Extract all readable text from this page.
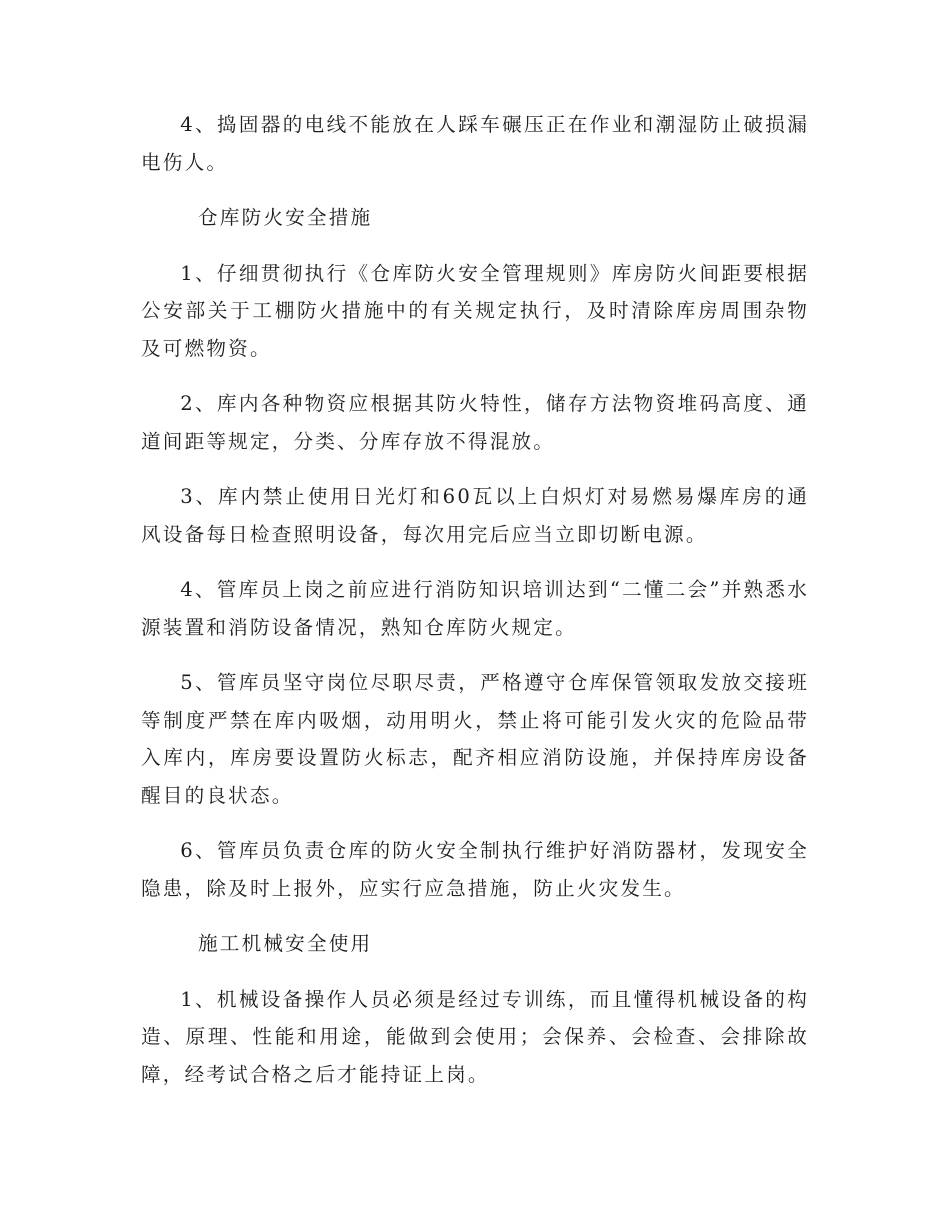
4、捣固器的电线不能放在人踩车碾压正在作业和潮湿防止破损漏电伤人。

仓库防火安全措施

1、仔细贯彻执行《仓库防火安全管理规则》库房防火间距要根据公安部关于工棚防火措施中的有关规定执行，及时清除库房周围杂物及可燃物资。

2、库内各种物资应根据其防火特性，储存方法物资堆码高度、通道间距等规定，分类、分库存放不得混放。

3、库内禁止使用日光灯和60瓦以上白炽灯对易燃易爆库房的通风设备每日检查照明设备，每次用完后应当立即切断电源。

4、管库员上岗之前应进行消防知识培训达到“二懂二会”并熟悉水源装置和消防设备情况，熟知仓库防火规定。

5、管库员坚守岗位尽职尽责，严格遵守仓库保管领取发放交接班等制度严禁在库内吸烟，动用明火，禁止将可能引发火灾的危险品带入库内，库房要设置防火标志，配齐相应消防设施，并保持库房设备醒目的良状态。

6、管库员负责仓库的防火安全制执行维护好消防器材，发现安全隐患，除及时上报外，应实行应急措施，防止火灾发生。

施工机械安全使用

1、机械设备操作人员必须是经过专训练，而且懂得机械设备的构造、原理、性能和用途，能做到会使用；会保养、会检查、会排除故障，经考试合格之后才能持证上岗。
